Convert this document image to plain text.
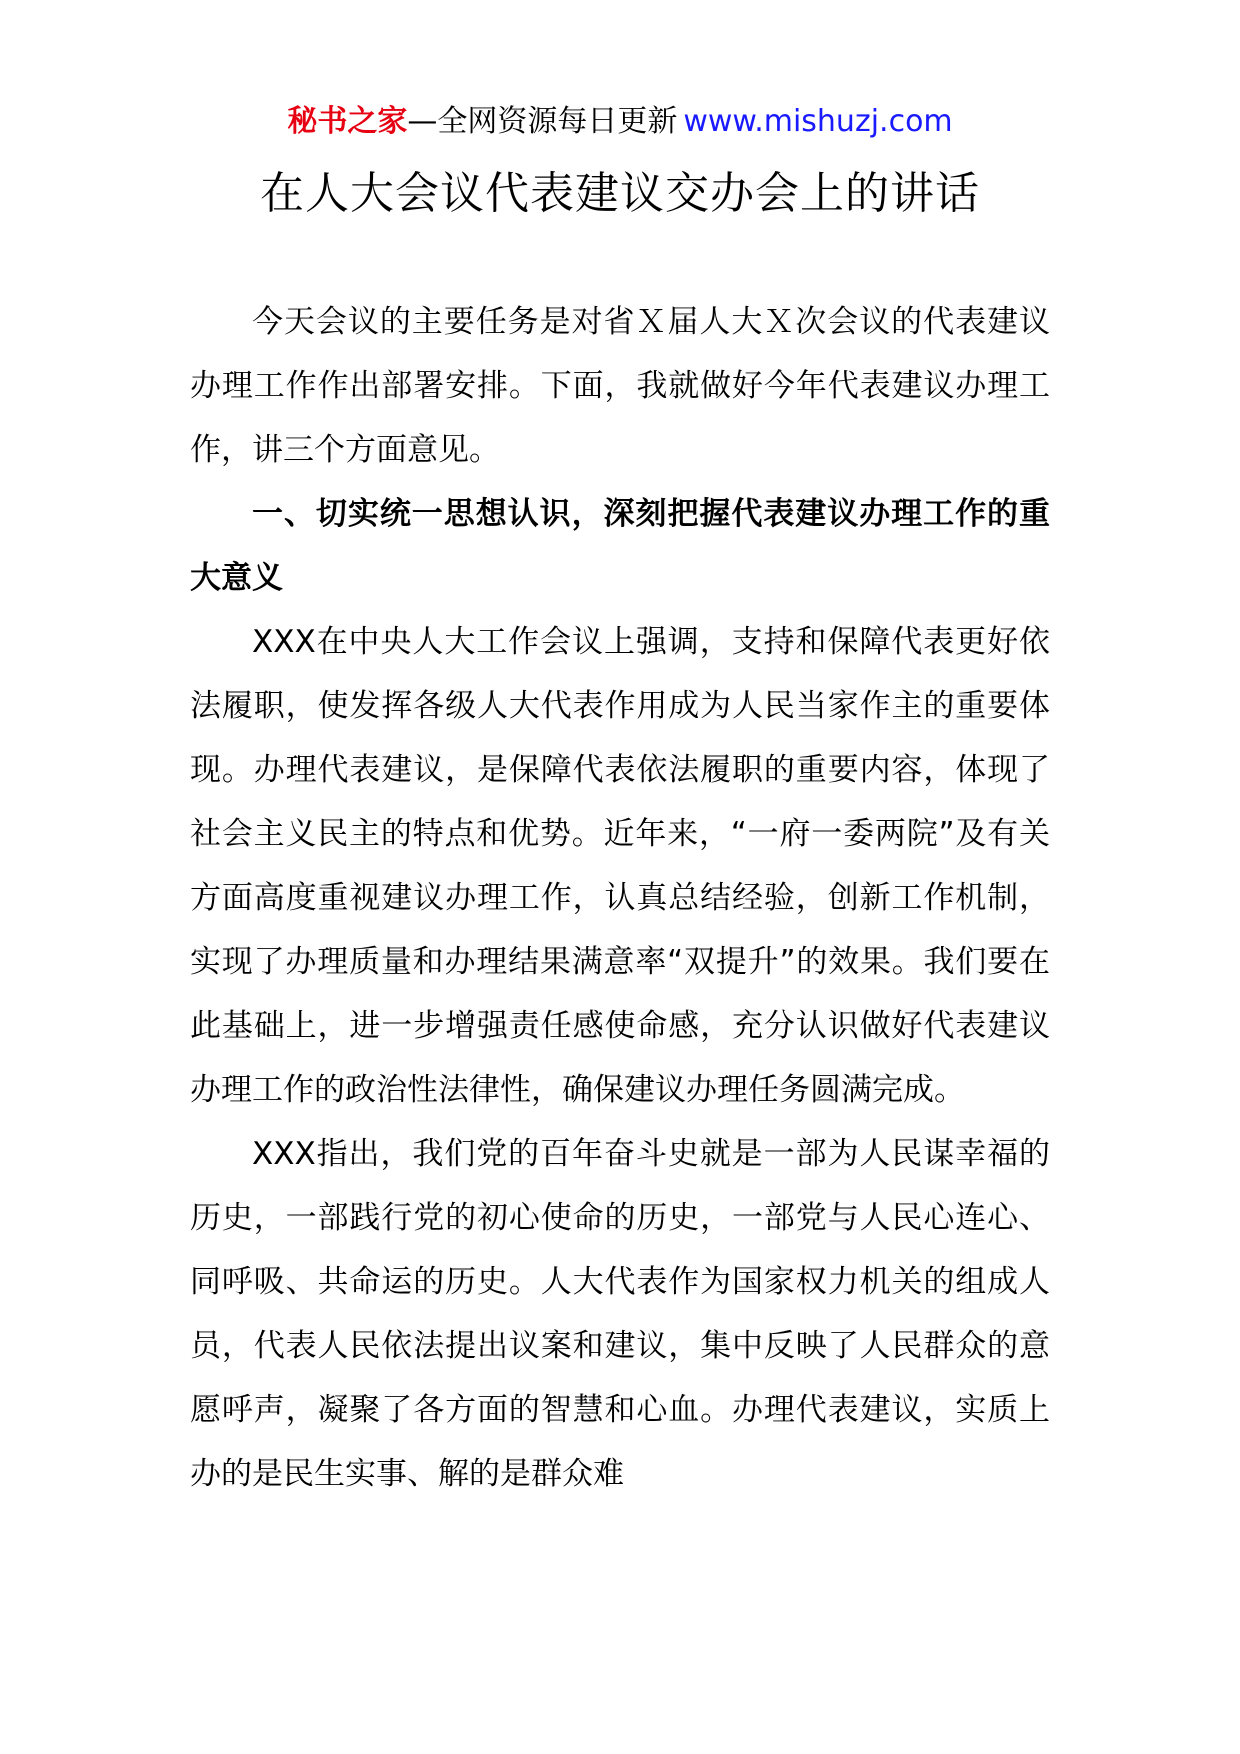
秘书之家—全网资源每日更新 www.mishuzj.com
在人大会议代表建议交办会上的讲话

今天会议的主要任务是对省Ｘ届人大Ｘ次会议的代表建议办理工作作出部署安排。下面，我就做好今年代表建议办理工作，讲三个方面意见。

一、切实统一思想认识，深刻把握代表建议办理工作的重大意义

XXX在中央人大工作会议上强调，支持和保障代表更好依法履职，使发挥各级人大代表作用成为人民当家作主的重要体现。办理代表建议，是保障代表依法履职的重要内容，体现了社会主义民主的特点和优势。近年来，“一府一委两院”及有关方面高度重视建议办理工作，认真总结经验，创新工作机制，实现了办理质量和办理结果满意率“双提升”的效果。我们要在此基础上，进一步增强责任感使命感，充分认识做好代表建议办理工作的政治性法律性，确保建议办理任务圆满完成。

XXX指出，我们党的百年奋斗史就是一部为人民谋幸福的历史，一部践行党的初心使命的历史，一部党与人民心连心、同呼吸、共命运的历史。人大代表作为国家权力机关的组成人员，代表人民依法提出议案和建议，集中反映了人民群众的意愿呼声，凝聚了各方面的智慧和心血。办理代表建议，实质上办的是民生实事、解的是群众难
